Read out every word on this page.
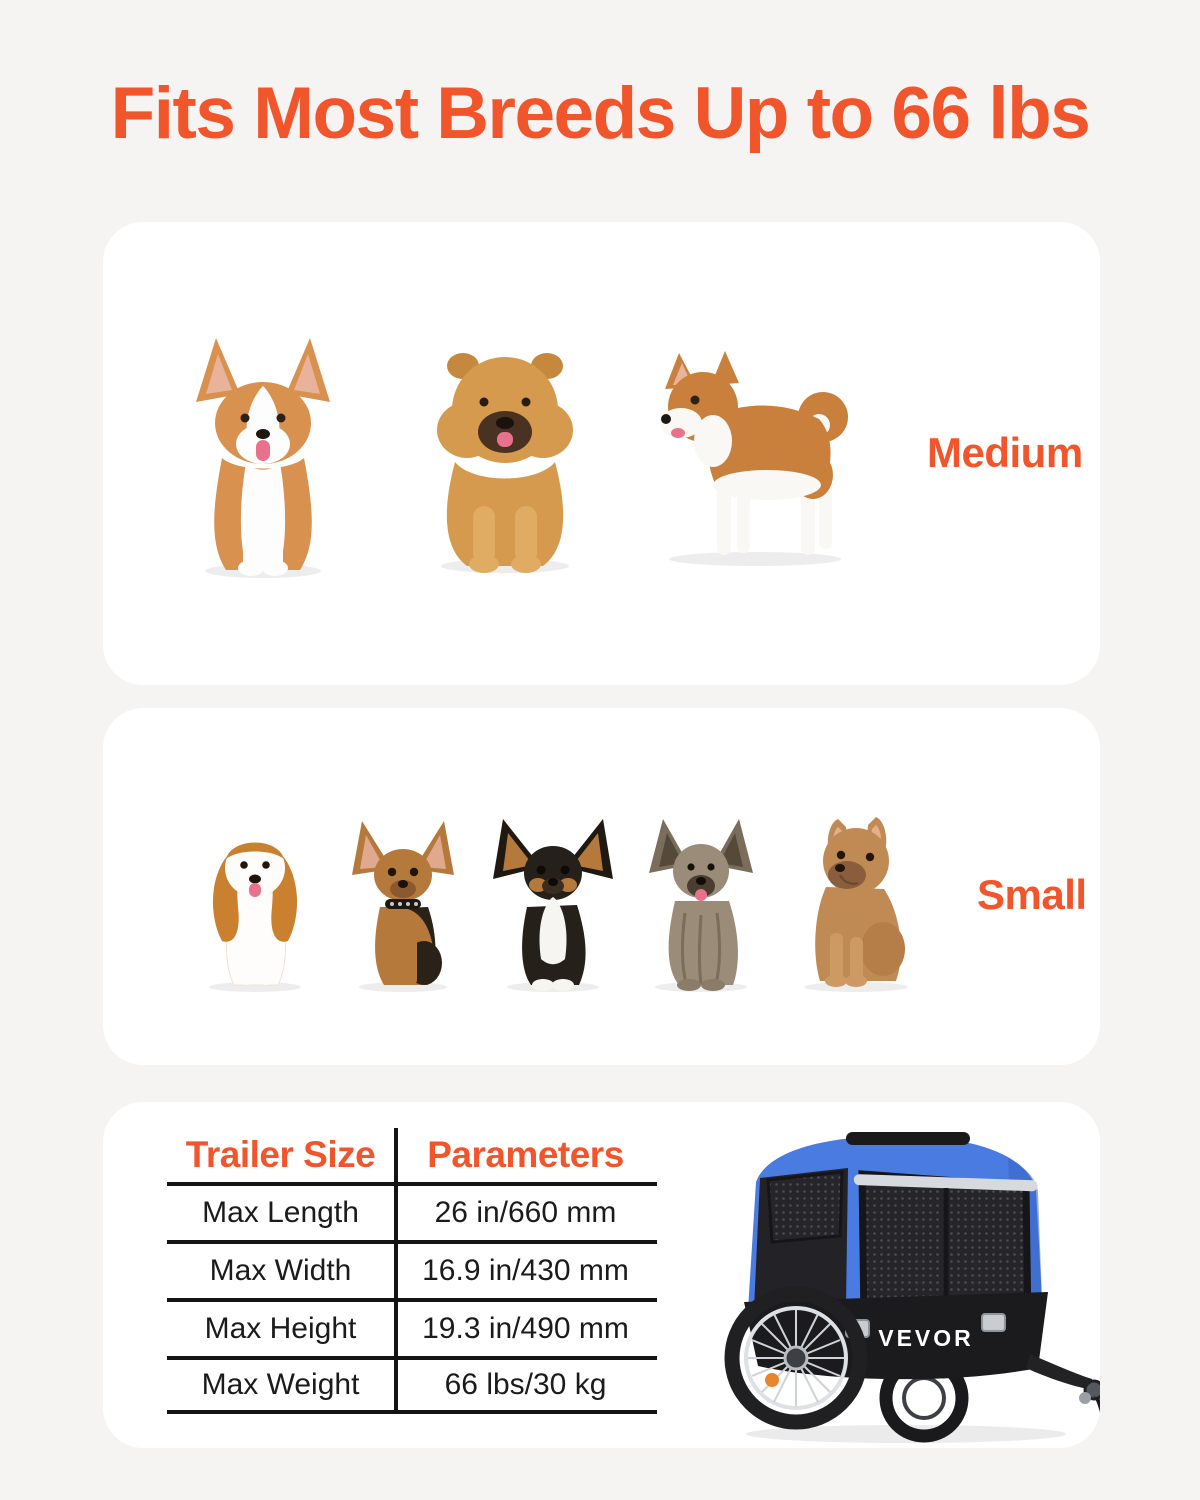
Fits Most Breeds Up to 66 lbs
Medium
Small
Trailer Size	Parameters
Max Length	26 in/660 mm
Max Width	16.9 in/430 mm
Max Height	19.3 in/490 mm
Max Weight	66 lbs/30 kg
VEVOR
